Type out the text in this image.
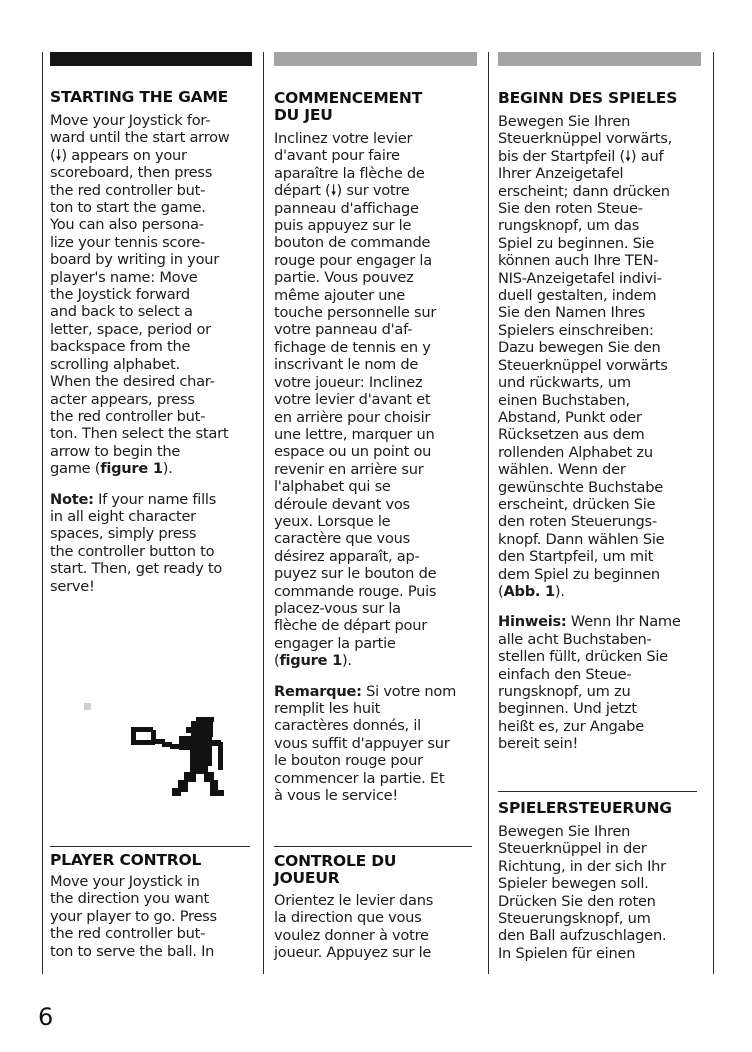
STARTING THE GAME

Move your Joystick for-
ward until the start arrow
(🠗) appears on your
scoreboard, then press
the red controller but-
ton to start the game.
You can also persona-
lize your tennis score-
board by writing in your
player's name: Move
the Joystick forward
and back to select a
letter, space, period or
backspace from the
scrolling alphabet.
When the desired char-
acter appears, press
the red controller but-
ton. Then select the start
arrow to begin the
game (figure 1).

Note: If your name fills
in all eight character
spaces, simply press
the controller button to
start. Then, get ready to
serve!

PLAYER CONTROL

Move your Joystick in
the direction you want
your player to go. Press
the red controller but-
ton to serve the ball. In

COMMENCEMENT
DU JEU

Inclinez votre levier
d'avant pour faire
aparaître la flèche de
départ (🠗) sur votre
panneau d'affichage
puis appuyez sur le
bouton de commande
rouge pour engager la
partie. Vous pouvez
même ajouter une
touche personnelle sur
votre panneau d'af-
fichage de tennis en y
inscrivant le nom de
votre joueur: Inclinez
votre levier d'avant et
en arrière pour choisir
une lettre, marquer un
espace ou un point ou
revenir en arrière sur
l'alphabet qui se
déroule devant vos
yeux. Lorsque le
caractère que vous
désirez apparaît, ap-
puyez sur le bouton de
commande rouge. Puis
placez-vous sur la
flèche de départ pour
engager la partie
(figure 1).

Remarque: Si votre nom
remplit les huit
caractères donnés, il
vous suffit d'appuyer sur
le bouton rouge pour
commencer la partie. Et
à vous le service!

CONTROLE DU
JOUEUR

Orientez le levier dans
la direction que vous
voulez donner à votre
joueur. Appuyez sur le

BEGINN DES SPIELES

Bewegen Sie Ihren
Steuerknüppel vorwärts,
bis der Startpfeil (🠗) auf
Ihrer Anzeigetafel
erscheint; dann drücken
Sie den roten Steue-
rungsknopf, um das
Spiel zu beginnen. Sie
können auch Ihre TEN-
NIS-Anzeigetafel indivi-
duell gestalten, indem
Sie den Namen Ihres
Spielers einschreiben:
Dazu bewegen Sie den
Steuerknüppel vorwärts
und rückwarts, um
einen Buchstaben,
Abstand, Punkt oder
Rücksetzen aus dem
rollenden Alphabet zu
wählen. Wenn der
gewünschte Buchstabe
erscheint, drücken Sie
den roten Steuerungs-
knopf. Dann wählen Sie
den Startpfeil, um mit
dem Spiel zu beginnen
(Abb. 1).

Hinweis: Wenn Ihr Name
alle acht Buchstaben-
stellen füllt, drücken Sie
einfach den Steue-
rungsknopf, um zu
beginnen. Und jetzt
heißt es, zur Angabe
bereit sein!

SPIELERSTEUERUNG

Bewegen Sie Ihren
Steuerknüppel in der
Richtung, in der sich Ihr
Spieler bewegen soll.
Drücken Sie den roten
Steuerungsknopf, um
den Ball aufzuschlagen.
In Spielen für einen

6
